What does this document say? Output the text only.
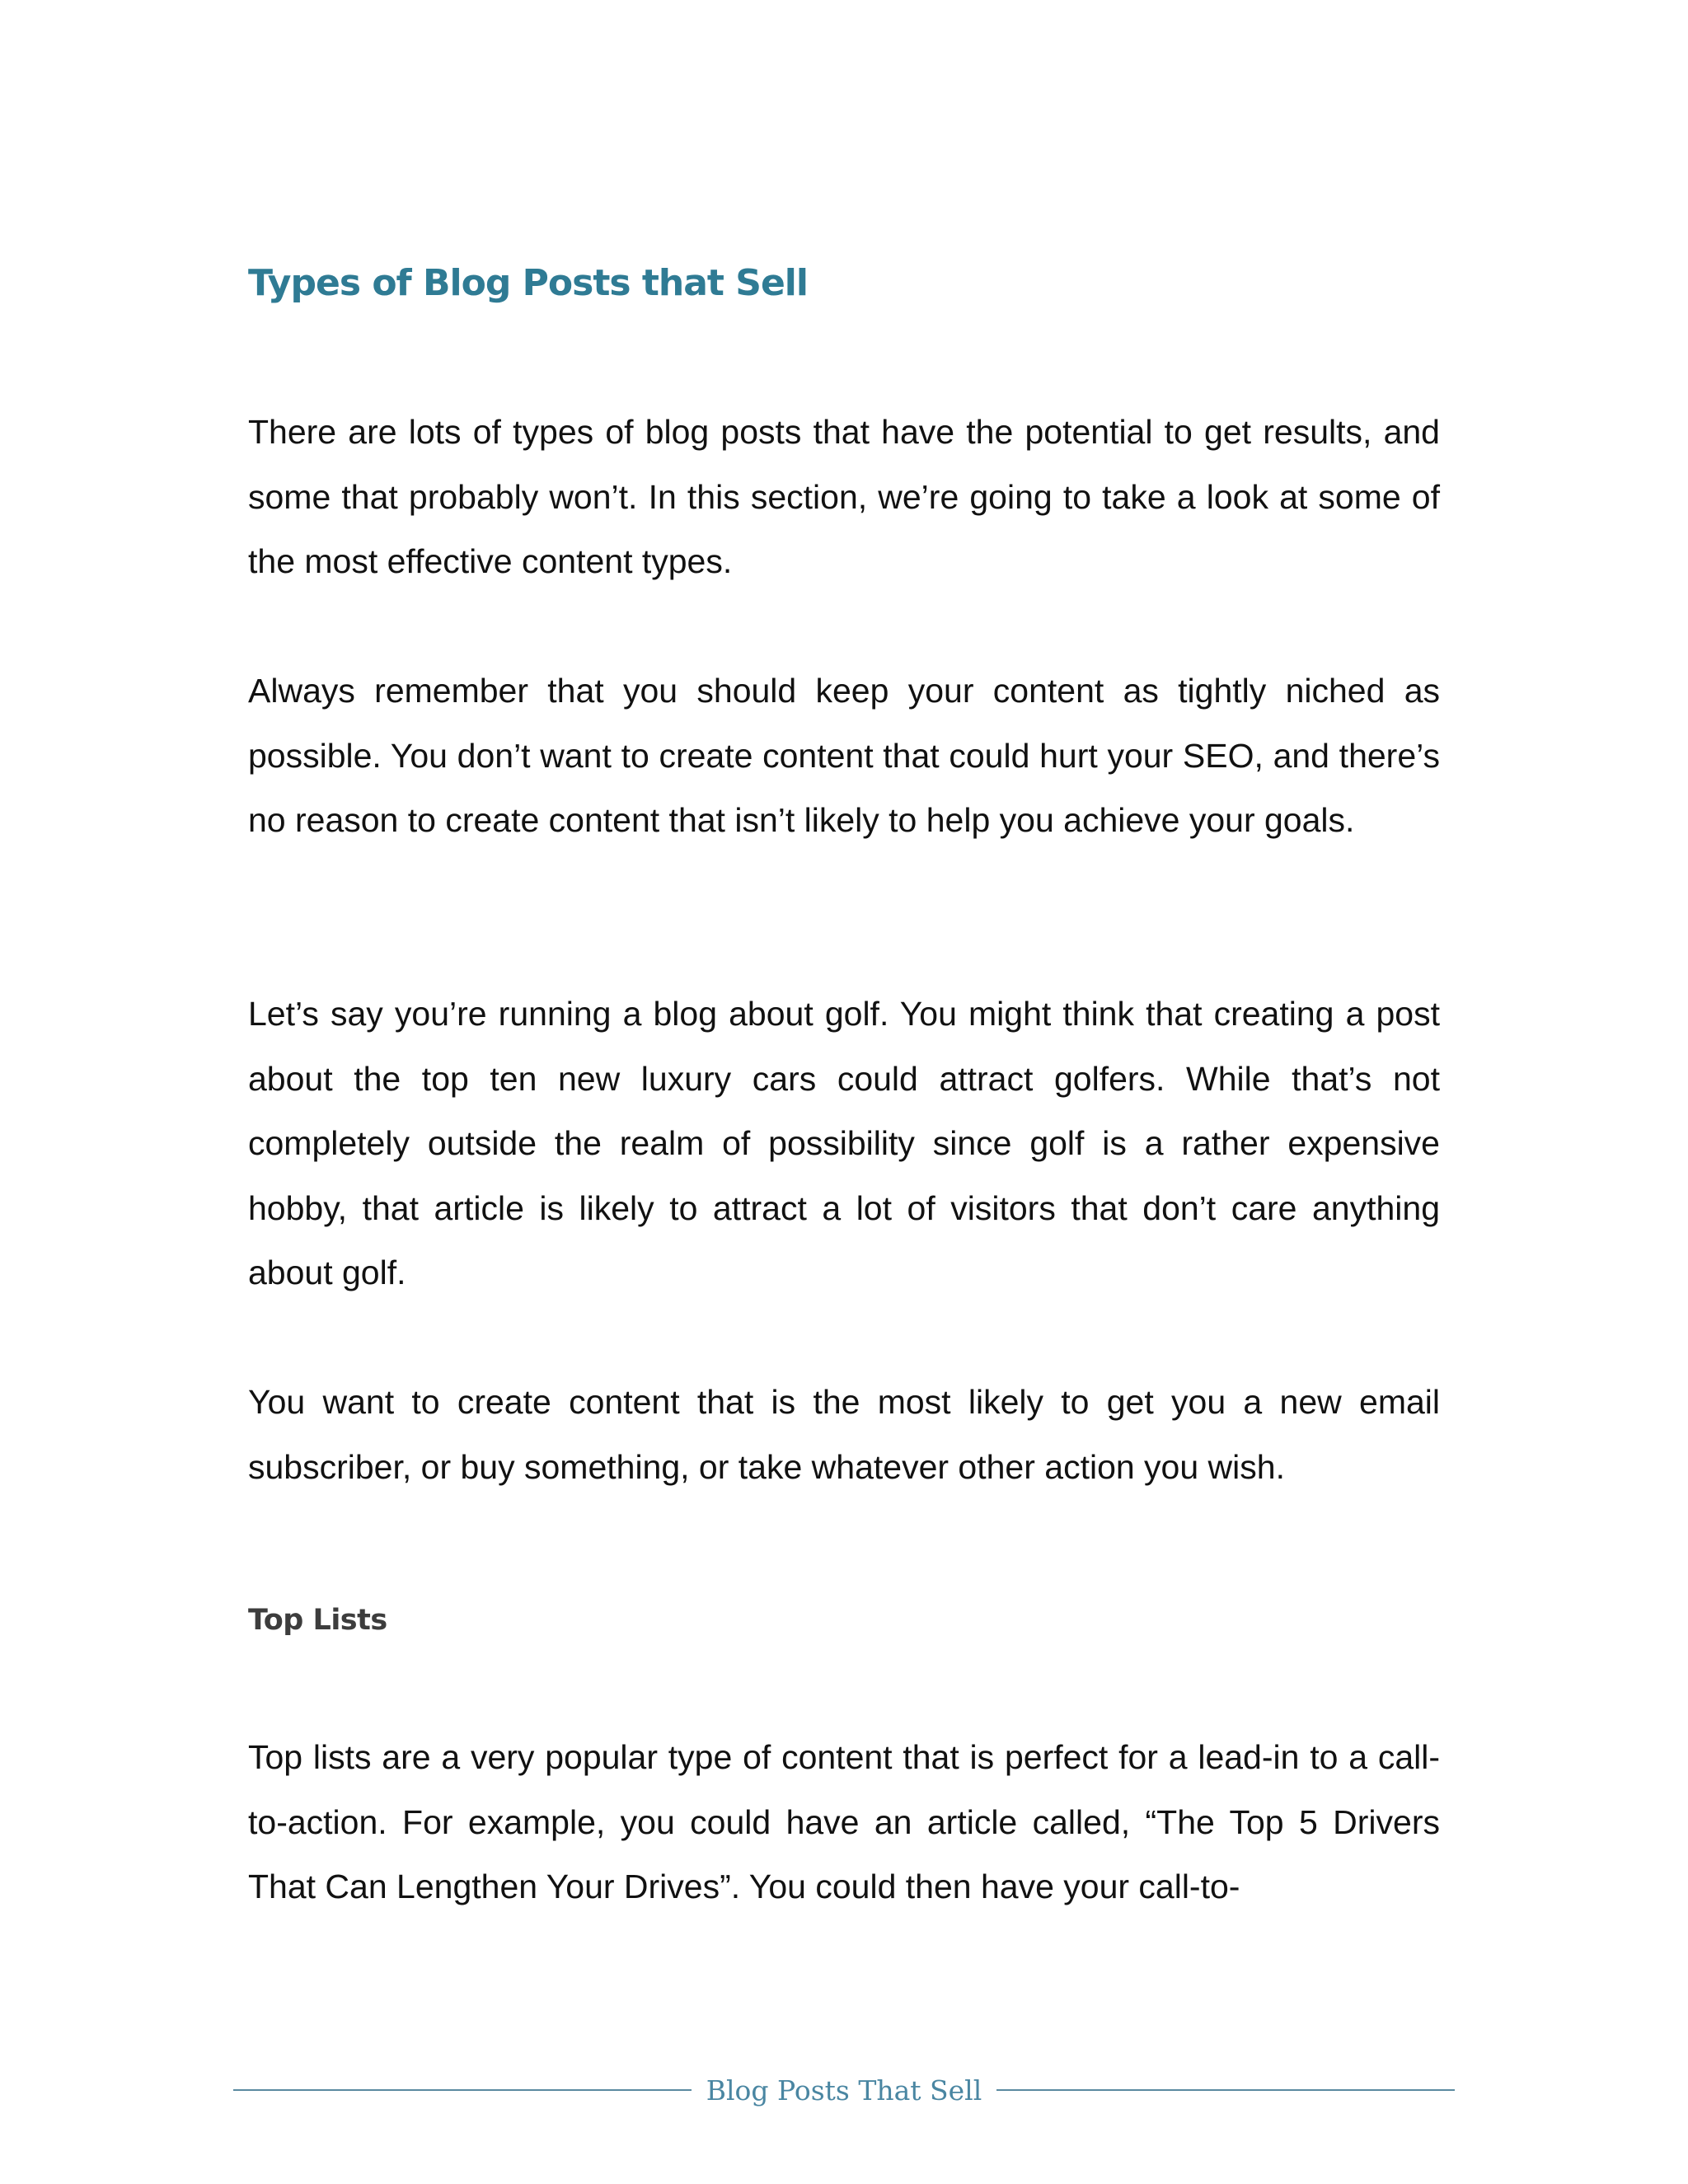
Types of Blog Posts that Sell

There are lots of types of blog posts that have the potential to get results, and some that probably won’t. In this section, we’re going to take a look at some of the most effective content types.

Always remember that you should keep your content as tightly niched as possible. You don’t want to create content that could hurt your SEO, and there’s no reason to create content that isn’t likely to help you achieve your goals.

Let’s say you’re running a blog about golf. You might think that creating a post about the top ten new luxury cars could attract golfers. While that’s not completely outside the realm of possibility since golf is a rather expensive hobby, that article is likely to attract a lot of visitors that don’t care anything about golf.

You want to create content that is the most likely to get you a new email subscriber, or buy something, or take whatever other action you wish.

Top Lists

Top lists are a very popular type of content that is perfect for a lead-in to a call-to-action. For example, you could have an article called, “The Top 5 Drivers That Can Lengthen Your Drives”. You could then have your call-to-

Blog Posts That Sell
